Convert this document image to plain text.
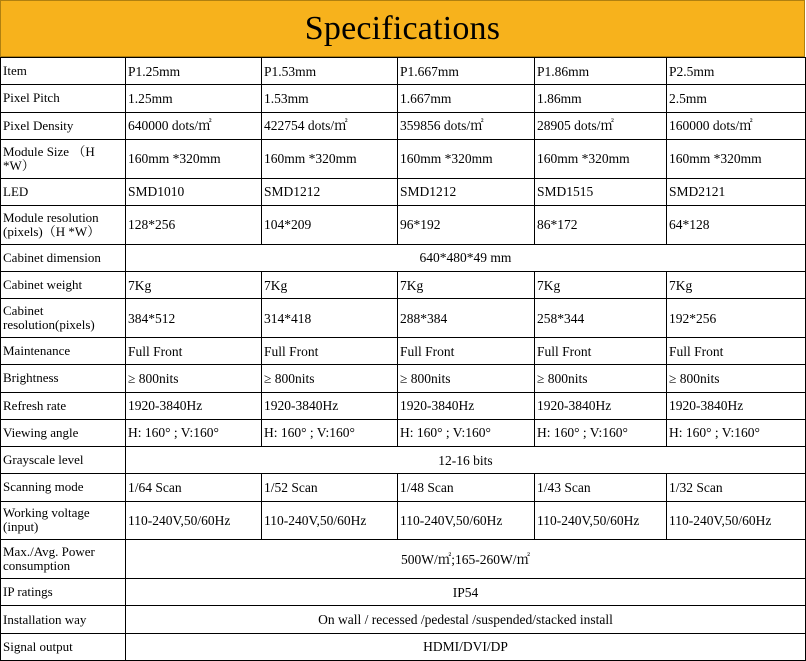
Specifications
Item	P1.25mm	P1.53mm	P1.667mm	P1.86mm	P2.5mm
Pixel Pitch	1.25mm	1.53mm	1.667mm	1.86mm	2.5mm
Pixel Density	640000 dots/㎡	422754 dots/㎡	359856 dots/㎡	28905 dots/㎡	160000 dots/㎡
Module Size （H *W）	160mm *320mm	160mm *320mm	160mm *320mm	160mm *320mm	160mm *320mm
LED	SMD1010	SMD1212	SMD1212	SMD1515	SMD2121
Module resolution (pixels)（H *W）	128*256	104*209	96*192	86*172	64*128
Cabinet dimension	640*480*49 mm				
Cabinet weight	7Kg	7Kg	7Kg	7Kg	7Kg
Cabinet resolution(pixels)	384*512	314*418	288*384	258*344	192*256
Maintenance	Full Front	Full Front	Full Front	Full Front	Full Front
Brightness	≥ 800nits	≥ 800nits	≥ 800nits	≥ 800nits	≥ 800nits
Refresh rate	1920-3840Hz	1920-3840Hz	1920-3840Hz	1920-3840Hz	1920-3840Hz
Viewing angle	H: 160° ; V:160°	H: 160° ; V:160°	H: 160° ; V:160°	H: 160° ; V:160°	H: 160° ; V:160°
Grayscale level	12-16 bits				
Scanning mode	1/64 Scan	1/52 Scan	1/48 Scan	1/43 Scan	1/32 Scan
Working voltage (input)	110-240V,50/60Hz	110-240V,50/60Hz	110-240V,50/60Hz	110-240V,50/60Hz	110-240V,50/60Hz
Max./Avg. Power consumption	500W/㎡;165-260W/㎡				
IP ratings	IP54				
Installation way	On wall / recessed /pedestal /suspended/stacked install				
Signal output	HDMI/DVI/DP				
